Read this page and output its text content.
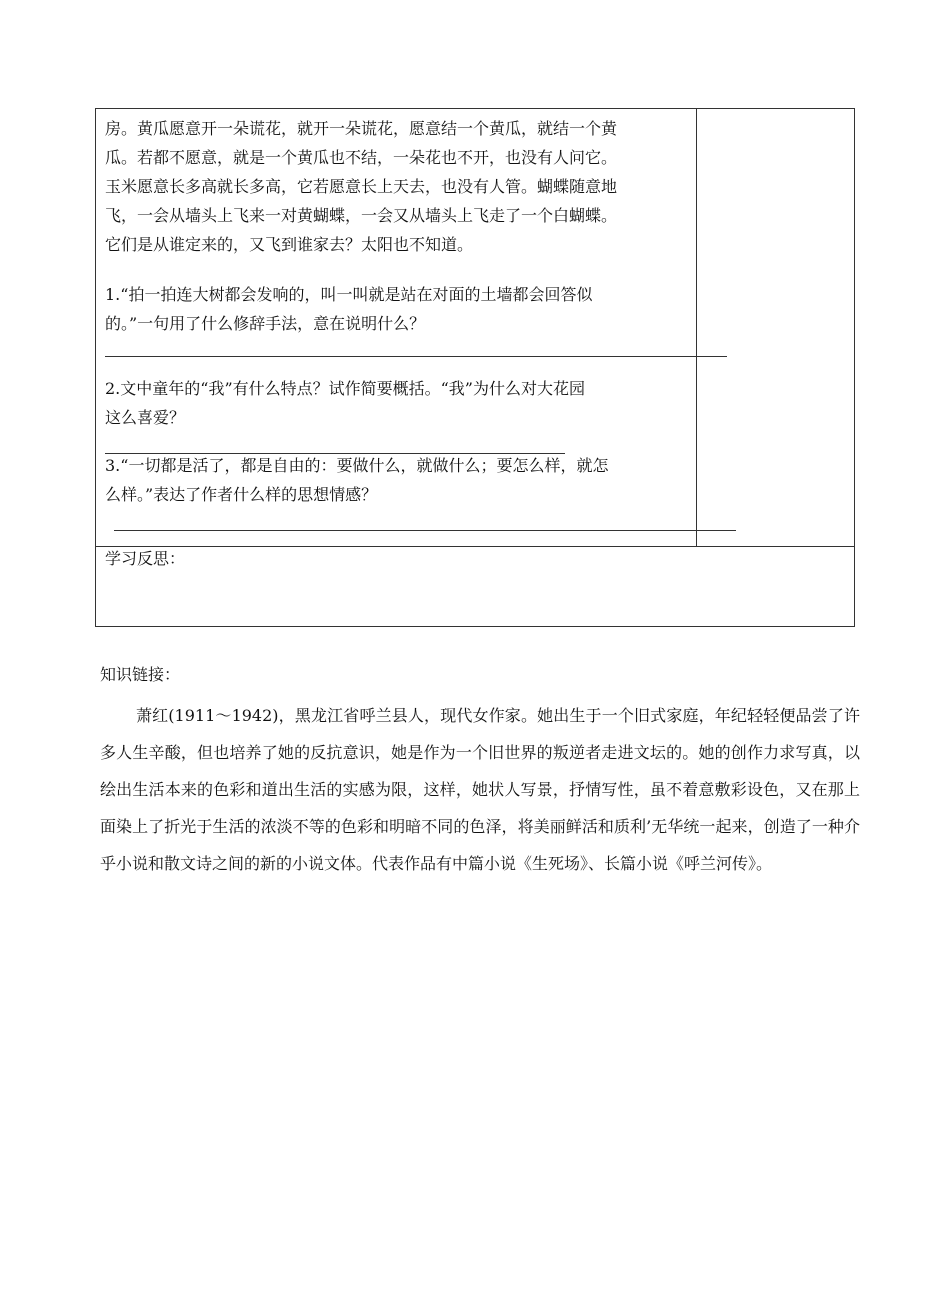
房。黄瓜愿意开一朵谎花，就开一朵谎花，愿意结一个黄瓜，就结一个黄
瓜。若都不愿意，就是一个黄瓜也不结，一朵花也不开，也没有人问它。
玉米愿意长多高就长多高，它若愿意长上天去，也没有人管。蝴蝶随意地
飞，一会从墙头上飞来一对黄蝴蝶，一会又从墙头上飞走了一个白蝴蝶。
它们是从谁定来的，又飞到谁家去？太阳也不知道。
1.“拍一拍连大树都会发响的，叫一叫就是站在对面的土墙都会回答似
的。”一句用了什么修辞手法，意在说明什么？
2.文中童年的“我”有什么特点？试作简要概括。“我”为什么对大花园
这么喜爱？
3.“一切都是活了，都是自由的：要做什么，就做什么；要怎么样，就怎
么样。”表达了作者什么样的思想情感？
学习反思：
知识链接：
萧红(1911～1942)，黑龙江省呼兰县人，现代女作家。她出生于一个旧式家庭，年纪轻轻便品尝了许多人生辛酸，但也培养了她的反抗意识，她是作为一个旧世界的叛逆者走进文坛的。她的创作力求写真，以绘出生活本来的色彩和道出生活的实感为限，这样，她状人写景，抒情写性，虽不着意敷彩设色，又在那上面染上了折光于生活的浓淡不等的色彩和明暗不同的色泽，将美丽鲜活和质利’无华统一起来，创造了一种介乎小说和散文诗之间的新的小说文体。代表作品有中篇小说《生死场》、长篇小说《呼兰河传》。
